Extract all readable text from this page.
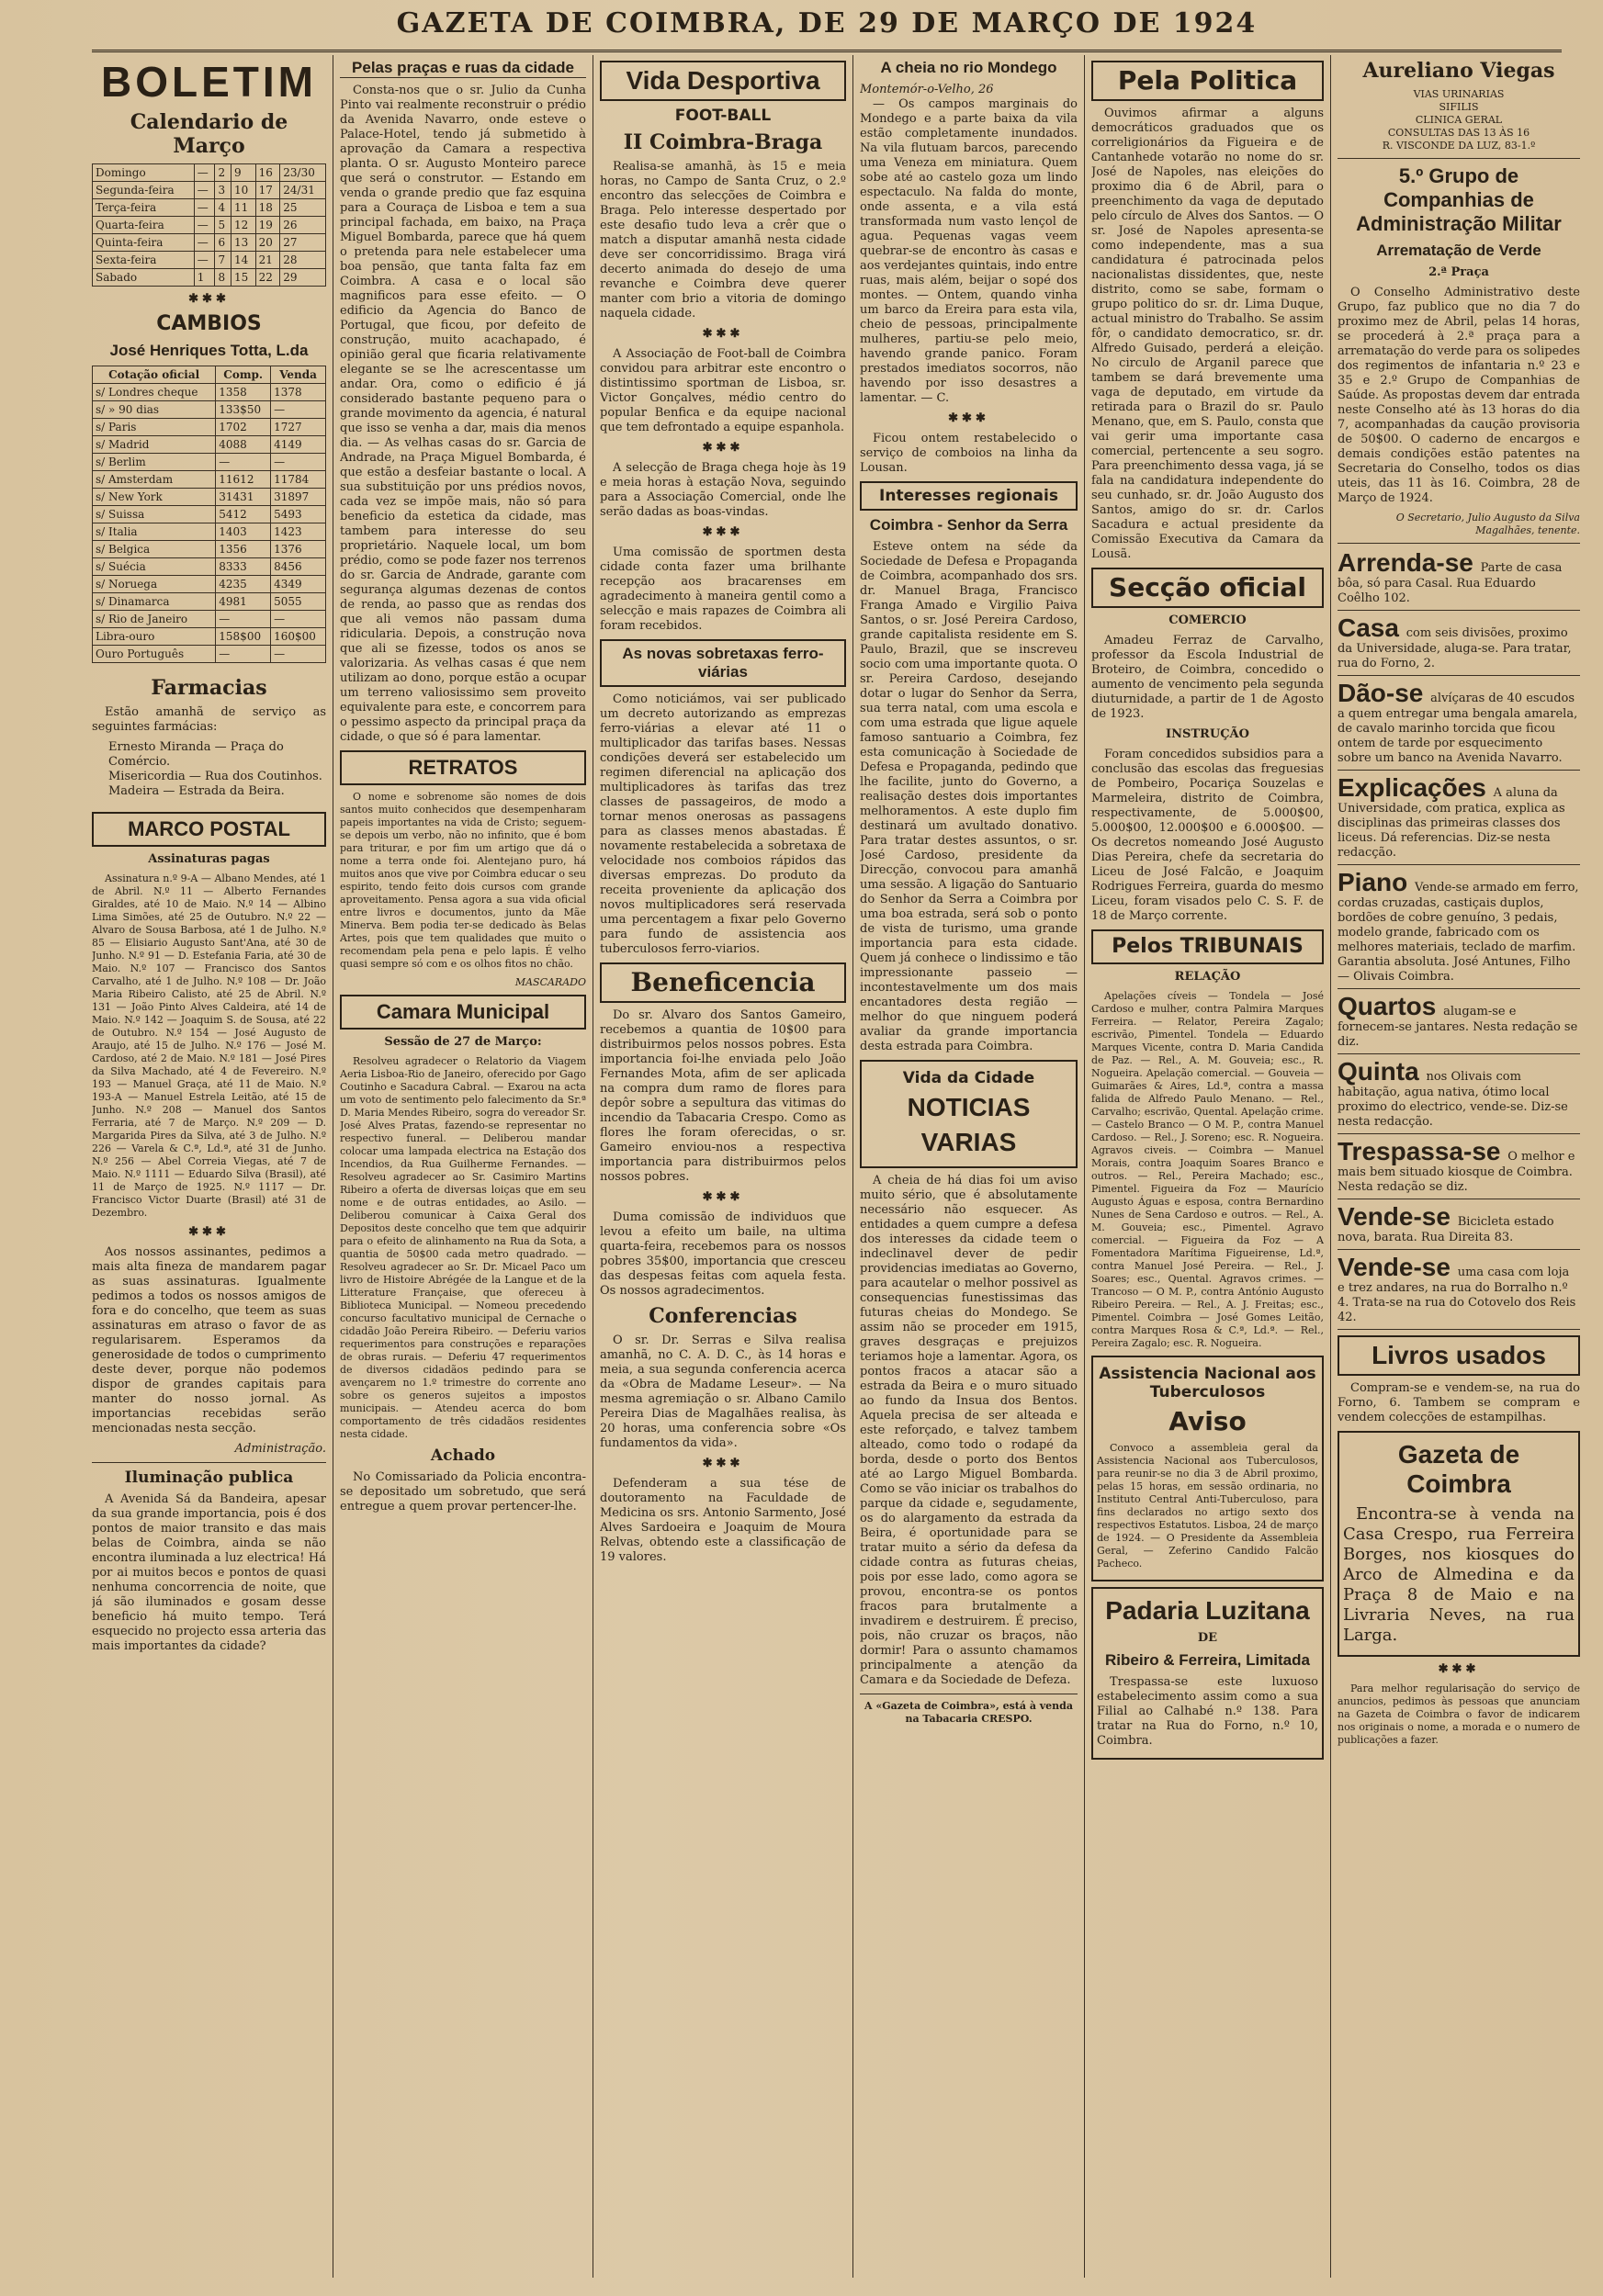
GAZETA DE COIMBRA, DE 29 DE MARÇO DE 1924
BOLETIM
Calendario de Março
Domingo	—	2	9	16	23/30
Segunda-feira	—	3	10	17	24/31
Terça-feira	—	4	11	18	25
Quarta-feira	—	5	12	19	26
Quinta-feira	—	6	13	20	27
Sexta-feira	—	7	14	21	28
Sabado	1	8	15	22	29
✱✱✱
CAMBIOS
José Henriques Totta, L.da
Cotação oficial	Comp.	Venda
s/ Londres cheque	1358	1378
s/ » 90 dias	133$50	—
s/ Paris	1702	1727
s/ Madrid	4088	4149
s/ Berlim	—	—
s/ Amsterdam	11612	11784
s/ New York	31431	31897
s/ Suissa	5412	5493
s/ Italia	1403	1423
s/ Belgica	1356	1376
s/ Suécia	8333	8456
s/ Noruega	4235	4349
s/ Dinamarca	4981	5055
s/ Rio de Janeiro	—	—
Libra-ouro	158$00	160$00
Ouro Português	—	—
Farmacias

Estão amanhã de serviço as seguintes farmácias:

Ernesto Miranda — Praça do Comércio.
Misericordia — Rua dos Coutinhos.
Madeira — Estrada da Beira.
MARCO POSTAL
Assinaturas pagas

Assinatura n.º 9-A — Albano Mendes, até 1 de Abril. N.º 11 — Alberto Fernandes Giraldes, até 10 de Maio. N.º 14 — Albino Lima Simões, até 25 de Outubro. N.º 22 — Alvaro de Sousa Barbosa, até 1 de Julho. N.º 85 — Elisiario Augusto Sant'Ana, até 30 de Junho. N.º 91 — D. Estefania Faria, até 30 de Maio. N.º 107 — Francisco dos Santos Carvalho, até 1 de Julho. N.º 108 — Dr. João Maria Ribeiro Calisto, até 25 de Abril. N.º 131 — João Pinto Alves Caldeira, até 14 de Maio. N.º 142 — Joaquim S. de Sousa, até 22 de Outubro. N.º 154 — José Augusto de Araujo, até 15 de Julho. N.º 176 — José M. Cardoso, até 2 de Maio. N.º 181 — José Pires da Silva Machado, até 4 de Fevereiro. N.º 193 — Manuel Graça, até 11 de Maio. N.º 193-A — Manuel Estrela Leitão, até 15 de Junho. N.º 208 — Manuel dos Santos Ferraria, até 7 de Março. N.º 209 — D. Margarida Pires da Silva, até 3 de Julho. N.º 226 — Varela & C.ª, Ld.ª, até 31 de Junho. N.º 256 — Abel Correia Viegas, até 7 de Maio. N.º 1111 — Eduardo Silva (Brasil), até 11 de Março de 1925. N.º 1117 — Dr. Francisco Victor Duarte (Brasil) até 31 de Dezembro.

✱✱✱

Aos nossos assinantes, pedimos a mais alta fineza de mandarem pagar as suas assinaturas. Igualmente pedimos a todos os nossos amigos de fora e do concelho, que teem as suas assinaturas em atraso o favor de as regularisarem. Esperamos da generosidade de todos o cumprimento deste dever, porque não podemos dispor de grandes capitais para manter do nosso jornal. As importancias recebidas serão mencionadas nesta secção.

Administração.
Iluminação publica

A Avenida Sá da Bandeira, apesar da sua grande importancia, pois é dos pontos de maior transito e das mais belas de Coimbra, ainda se não encontra iluminada a luz electrica! Há por ai muitos becos e pontos de quasi nenhuma concorrencia de noite, que já são iluminados e gosam desse beneficio há muito tempo. Terá esquecido no projecto essa arteria das mais importantes da cidade?

Pelas praças e ruas da cidade

Consta-nos que o sr. Julio da Cunha Pinto vai realmente reconstruir o prédio da Avenida Navarro, onde esteve o Palace-Hotel, tendo já submetido à aprovação da Camara a respectiva planta. O sr. Augusto Monteiro parece que será o construtor. — Estando em venda o grande predio que faz esquina para a Couraça de Lisboa e tem a sua principal fachada, em baixo, na Praça Miguel Bombarda, parece que há quem o pretenda para nele estabelecer uma boa pensão, que tanta falta faz em Coimbra. A casa e o local são magnificos para esse efeito. — O edificio da Agencia do Banco de Portugal, que ficou, por defeito de construção, muito acachapado, é opinião geral que ficaria relativamente elegante se se lhe acrescentasse um andar. Ora, como o edificio é já considerado bastante pequeno para o grande movimento da agencia, é natural que isso se venha a dar, mais dia menos dia. — As velhas casas do sr. Garcia de Andrade, na Praça Miguel Bombarda, é que estão a desfeiar bastante o local. A sua substituição por uns prédios novos, cada vez se impõe mais, não só para beneficio da estetica da cidade, mas tambem para interesse do seu proprietário. Naquele local, um bom prédio, como se pode fazer nos terrenos do sr. Garcia de Andrade, garante com segurança algumas dezenas de contos de renda, ao passo que as rendas dos que ali vemos não passam duma ridicularia. Depois, a construção nova que ali se fizesse, todos os anos se valorizaria. As velhas casas é que nem utilizam ao dono, porque estão a ocupar um terreno valiosissimo sem proveito equivalente para este, e concorrem para o pessimo aspecto da principal praça da cidade, o que só é para lamentar.

RETRATOS

O nome e sobrenome são nomes de dois santos muito conhecidos que desempenharam papeis importantes na vida de Cristo; seguem-se depois um verbo, não no infinito, que é bom para triturar, e por fim um artigo que dá o nome a terra onde foi. Alentejano puro, há muitos anos que vive por Coimbra educar o seu espirito, tendo feito dois cursos com grande aproveitamento. Pensa agora a sua vida oficial entre livros e documentos, junto da Mãe Minerva. Bem podia ter-se dedicado às Belas Artes, pois que tem qualidades que muito o recomendam pela pena e pelo lapis. É velho quasi sempre só com e os olhos fitos no chão.

MASCARADO
Camara Municipal
Sessão de 27 de Março:

Resolveu agradecer o Relatorio da Viagem Aeria Lisboa-Rio de Janeiro, oferecido por Gago Coutinho e Sacadura Cabral. — Exarou na acta um voto de sentimento pelo falecimento da Sr.ª D. Maria Mendes Ribeiro, sogra do vereador Sr. José Alves Pratas, fazendo-se representar no respectivo funeral. — Deliberou mandar colocar uma lampada electrica na Estação dos Incendios, da Rua Guilherme Fernandes. — Resolveu agradecer ao Sr. Casimiro Martins Ribeiro a oferta de diversas loiças que em seu nome e de outras entidades, ao Asilo. — Deliberou comunicar à Caixa Geral dos Depositos deste concelho que tem que adquirir para o efeito de alinhamento na Rua da Sota, a quantia de 50$00 cada metro quadrado. — Resolveu agradecer ao Sr. Dr. Micael Paco um livro de Histoire Abrégée de la Langue et de la Litterature Française, que ofereceu à Biblioteca Municipal. — Nomeou precedendo concurso facultativo municipal de Cernache o cidadão João Pereira Ribeiro. — Deferiu varios requerimentos para construções e reparações de obras rurais. — Deferiu 47 requerimentos de diversos cidadãos pedindo para se avençarem no 1.º trimestre do corrente ano sobre os generos sujeitos a impostos municipais. — Atendeu acerca do bom comportamento de três cidadãos residentes nesta cidade.

Achado

No Comissariado da Policia encontra-se depositado um sobretudo, que será entregue a quem provar pertencer-lhe.

Vida Desportiva
FOOT-BALL
II Coimbra-Braga

Realisa-se amanhã, às 15 e meia horas, no Campo de Santa Cruz, o 2.º encontro das selecções de Coimbra e Braga. Pelo interesse despertado por este desafio tudo leva a crêr que o match a disputar amanhã nesta cidade deve ser concorridissimo. Braga virá decerto animada do desejo de uma revanche e Coimbra deve querer manter com brio a vitoria de domingo naquela cidade.

✱✱✱

A Associação de Foot-ball de Coimbra convidou para arbitrar este encontro o distintissimo sportman de Lisboa, sr. Victor Gonçalves, médio centro do popular Benfica e da equipe nacional que tem defrontado a equipe espanhola.

✱✱✱

A selecção de Braga chega hoje às 19 e meia horas à estação Nova, seguindo para a Associação Comercial, onde lhe serão dadas as boas-vindas.

✱✱✱

Uma comissão de sportmen desta cidade conta fazer uma brilhante recepção aos bracarenses em agradecimento à maneira gentil como a selecção e mais rapazes de Coimbra ali foram recebidos.

As novas sobretaxas ferro-viárias

Como noticiámos, vai ser publicado um decreto autorizando as emprezas ferro-viárias a elevar até 11 o multiplicador das tarifas bases. Nessas condições deverá ser estabelecido um regimen diferencial na aplicação dos multiplicadores às tarifas das trez classes de passageiros, de modo a tornar menos onerosas as passagens para as classes menos abastadas. É novamente restabelecida a sobretaxa de velocidade nos comboios rápidos das diversas emprezas. Do produto da receita proveniente da aplicação dos novos multiplicadores será reservada uma percentagem a fixar pelo Governo para fundo de assistencia aos tuberculosos ferro-viarios.

Beneficencia

Do sr. Alvaro dos Santos Gameiro, recebemos a quantia de 10$00 para distribuirmos pelos nossos pobres. Esta importancia foi-lhe enviada pelo João Fernandes Mota, afim de ser aplicada na compra dum ramo de flores para depôr sobre a sepultura das vitimas do incendio da Tabacaria Crespo. Como as flores lhe foram oferecidas, o sr. Gameiro enviou-nos a respectiva importancia para distribuirmos pelos nossos pobres.

✱✱✱

Duma comissão de individuos que levou a efeito um baile, na ultima quarta-feira, recebemos para os nossos pobres 35$00, importancia que cresceu das despesas feitas com aquela festa. Os nossos agradecimentos.

Conferencias

O sr. Dr. Serras e Silva realisa amanhã, no C. A. D. C., às 14 horas e meia, a sua segunda conferencia acerca da «Obra de Madame Leseur». — Na mesma agremiação o sr. Albano Camilo Pereira Dias de Magalhães realisa, às 20 horas, uma conferencia sobre «Os fundamentos da vida».

✱✱✱

Defenderam a sua tése de doutoramento na Faculdade de Medicina os srs. Antonio Sarmento, José Alves Sardoeira e Joaquim de Moura Relvas, obtendo este a classificação de 19 valores.

A cheia no rio Mondego
Montemór-o-Velho, 26

— Os campos marginais do Mondego e a parte baixa da vila estão completamente inundados. Na vila flutuam barcos, parecendo uma Veneza em miniatura. Quem sobe até ao castelo goza um lindo espectaculo. Na falda do monte, onde assenta, e a vila está transformada num vasto lençol de agua. Pequenas vagas veem quebrar-se de encontro às casas e aos verdejantes quintais, indo entre ruas, mais além, beijar o sopé dos montes. — Ontem, quando vinha um barco da Ereira para esta vila, cheio de pessoas, principalmente mulheres, partiu-se pelo meio, havendo grande panico. Foram prestados imediatos socorros, não havendo por isso desastres a lamentar. — C.

✱✱✱

Ficou ontem restabelecido o serviço de comboios na linha da Lousan.

Interesses regionais
Coimbra - Senhor da Serra

Esteve ontem na séde da Sociedade de Defesa e Propaganda de Coimbra, acompanhado dos srs. dr. Manuel Braga, Francisco Franga Amado e Virgilio Paiva Santos, o sr. José Pereira Cardoso, grande capitalista residente em S. Paulo, Brazil, que se inscreveu socio com uma importante quota. O sr. Pereira Cardoso, desejando dotar o lugar do Senhor da Serra, sua terra natal, com uma escola e com uma estrada que ligue aquele famoso santuario a Coimbra, fez esta comunicação à Sociedade de Defesa e Propaganda, pedindo que lhe facilite, junto do Governo, a realisação destes dois importantes melhoramentos. A este duplo fim destinará um avultado donativo. Para tratar destes assuntos, o sr. José Cardoso, presidente da Direcção, convocou para amanhã uma sessão. A ligação do Santuario do Senhor da Serra a Coimbra por uma boa estrada, será sob o ponto de vista de turismo, uma grande importancia para esta cidade. Quem já conhece o lindissimo e tão impressionante passeio — incontestavelmente um dos mais encantadores desta região — melhor do que ninguem poderá avaliar da grande importancia desta estrada para Coimbra.

Vida da Cidade
NOTICIAS
VARIAS

A cheia de há dias foi um aviso muito sério, que é absolutamente necessário não esquecer. As entidades a quem cumpre a defesa dos interesses da cidade teem o indeclinavel dever de pedir providencias imediatas ao Governo, para acautelar o melhor possivel as consequencias funestissimas das futuras cheias do Mondego. Se assim não se proceder em 1915, graves desgraças e prejuizos teriamos hoje a lamentar. Agora, os pontos fracos a atacar são a estrada da Beira e o muro situado ao fundo da Insua dos Bentos. Aquela precisa de ser alteada e este reforçado, e talvez tambem alteado, como todo o rodapé da borda, desde o porto dos Bentos até ao Largo Miguel Bombarda. Como se vão iniciar os trabalhos do parque da cidade e, segudamente, os do alargamento da estrada da Beira, é oportunidade para se tratar muito a sério da defesa da cidade contra as futuras cheias, pois por esse lado, como agora se provou, encontra-se os pontos fracos para brutalmente a invadirem e destruirem. É preciso, pois, não cruzar os braços, não dormir! Para o assunto chamamos principalmente a atenção da Camara e da Sociedade de Defeza.

A «Gazeta de Coimbra», está à venda na Tabacaria CRESPO.
Pela Politica

Ouvimos afirmar a alguns democráticos graduados que os correligionários da Figueira e de Cantanhede votarão no nome do sr. José de Napoles, nas eleições do proximo dia 6 de Abril, para o preenchimento da vaga de deputado pelo círculo de Alves dos Santos. — O sr. José de Napoles apresenta-se como independente, mas a sua candidatura é patrocinada pelos nacionalistas dissidentes, que, neste distrito, como se sabe, formam o grupo politico do sr. dr. Lima Duque, actual ministro do Trabalho. Se assim fôr, o candidato democratico, sr. dr. Alfredo Guisado, perderá a eleição. No circulo de Arganil parece que tambem se dará brevemente uma vaga de deputado, em virtude da retirada para o Brazil do sr. Paulo Menano, que, em S. Paulo, consta que vai gerir uma importante casa comercial, pertencente a seu sogro. Para preenchimento dessa vaga, já se fala na candidatura independente do seu cunhado, sr. dr. João Augusto dos Santos, amigo do sr. dr. Carlos Sacadura e actual presidente da Comissão Executiva da Camara da Lousã.

Secção oficial
COMERCIO

Amadeu Ferraz de Carvalho, professor da Escola Industrial de Broteiro, de Coimbra, concedido o aumento de vencimento pela segunda diuturnidade, a partir de 1 de Agosto de 1923.

INSTRUÇÃO

Foram concedidos subsidios para a conclusão das escolas das freguesias de Pombeiro, Pocariça Souzelas e Marmeleira, distrito de Coimbra, respectivamente, de 5.000$00, 5.000$00, 12.000$00 e 6.000$00. — Os decretos nomeando José Augusto Dias Pereira, chefe da secretaria do Liceu de José Falcão, e Joaquim Rodrigues Ferreira, guarda do mesmo Liceu, foram visados pelo C. S. F. de 18 de Março corrente.

Pelos TRIBUNAIS
RELAÇÃO

Apelações cíveis — Tondela — José Cardoso e mulher, contra Palmira Marques Ferreira. — Relator, Pereira Zagalo; escrivão, Pimentel. Tondela — Eduardo Marques Vicente, contra D. Maria Candida de Paz. — Rel., A. M. Gouveia; esc., R. Nogueira. Apelação comercial. — Gouveia — Guimarães & Aires, Ld.ª, contra a massa falida de Alfredo Paulo Menano. — Rel., Carvalho; escrivão, Quental. Apelação crime. — Castelo Branco — O M. P., contra Manuel Cardoso. — Rel., J. Soreno; esc. R. Nogueira. Agravos civeis. — Coimbra — Manuel Morais, contra Joaquim Soares Branco e outros. — Rel., Pereira Machado; esc., Pimentel. Figueira da Foz — Maurício Augusto Águas e esposa, contra Bernardino Nunes de Sena Cardoso e outros. — Rel., A. M. Gouveia; esc., Pimentel. Agravo comercial. — Figueira da Foz — A Fomentadora Marítima Figueirense, Ld.ª, contra Manuel José Pereira. — Rel., J. Soares; esc., Quental. Agravos crimes. — Trancoso — O M. P., contra António Augusto Ribeiro Pereira. — Rel., A. J. Freitas; esc., Pimentel. Coimbra — José Gomes Leitão, contra Marques Rosa & C.ª, Ld.ª. — Rel., Pereira Zagalo; esc. R. Nogueira.

Assistencia Nacional aos Tuberculosos
Aviso

Convoco a assembleia geral da Assistencia Nacional aos Tuberculosos, para reunir-se no dia 3 de Abril proximo, pelas 15 horas, em sessão ordinaria, no Instituto Central Anti-Tuberculoso, para fins declarados no artigo sexto dos respectivos Estatutos. Lisboa, 24 de março de 1924. — O Presidente da Assembleia Geral, — Zeferino Candido Falcão Pacheco.

Padaria Luzitana
DE
Ribeiro & Ferreira, Limitada

Trespassa-se este luxuoso estabelecimento assim como a sua Filial ao Calhabé n.º 138. Para tratar na Rua do Forno, n.º 10, Coimbra.

Aureliano Viegas
VIAS URINARIAS
SIFILIS
CLINICA GERAL
CONSULTAS DAS 13 ÀS 16
R. VISCONDE DA LUZ, 83-1.º
5.º Grupo de Companhias de Administração Militar
Arrematação de Verde
2.ª Praça

O Conselho Administrativo deste Grupo, faz publico que no dia 7 do proximo mez de Abril, pelas 14 horas, se procederá à 2.ª praça para a arrematação do verde para os solipedes dos regimentos de infantaria n.º 23 e 35 e 2.º Grupo de Companhias de Saúde. As propostas devem dar entrada neste Conselho até às 13 horas do dia 7, acompanhadas da caução provisoria de 50$00. O caderno de encargos e demais condições estão patentes na Secretaria do Conselho, todos os dias uteis, das 11 às 16. Coimbra, 28 de Março de 1924.

O Secretario, Julio Augusto da Silva Magalhães, tenente.
Arrenda-se Parte de casa bôa, só para Casal. Rua Eduardo Coêlho 102.
Casa com seis divisões, proximo da Universidade, aluga-se. Para tratar, rua do Forno, 2.
Dão-se alvíçaras de 40 escudos a quem entregar uma bengala amarela, de cavalo marinho torcida que ficou ontem de tarde por esquecimento sobre um banco na Avenida Navarro.
Explicações A aluna da Universidade, com pratica, explica as disciplinas das primeiras classes dos liceus. Dá referencias. Diz-se nesta redacção.
Piano Vende-se armado em ferro, cordas cruzadas, castiçais duplos, bordões de cobre genuíno, 3 pedais, modelo grande, fabricado com os melhores materiais, teclado de marfim. Garantia absoluta. José Antunes, Filho — Olivais Coimbra.
Quartos alugam-se e fornecem-se jantares. Nesta redação se diz.
Quinta nos Olivais com habitação, agua nativa, ótimo local proximo do electrico, vende-se. Diz-se nesta redacção.
Trespassa-se O melhor e mais bem situado kiosque de Coimbra. Nesta redação se diz.
Vende-se Bicicleta estado nova, barata. Rua Direita 83.
Vende-se uma casa com loja e trez andares, na rua do Borralho n.º 4. Trata-se na rua do Cotovelo dos Reis 42.
Livros usados

Compram-se e vendem-se, na rua do Forno, 6. Tambem se compram e vendem colecções de estampilhas.

Gazeta de Coimbra

Encontra-se à venda na Casa Crespo, rua Ferreira Borges, nos kiosques do Arco de Almedina e da Praça 8 de Maio e na Livraria Neves, na rua Larga.

✱✱✱

Para melhor regularisação do serviço de anuncios, pedimos às pessoas que anunciam na Gazeta de Coimbra o favor de indicarem nos originais o nome, a morada e o numero de publicações a fazer.
